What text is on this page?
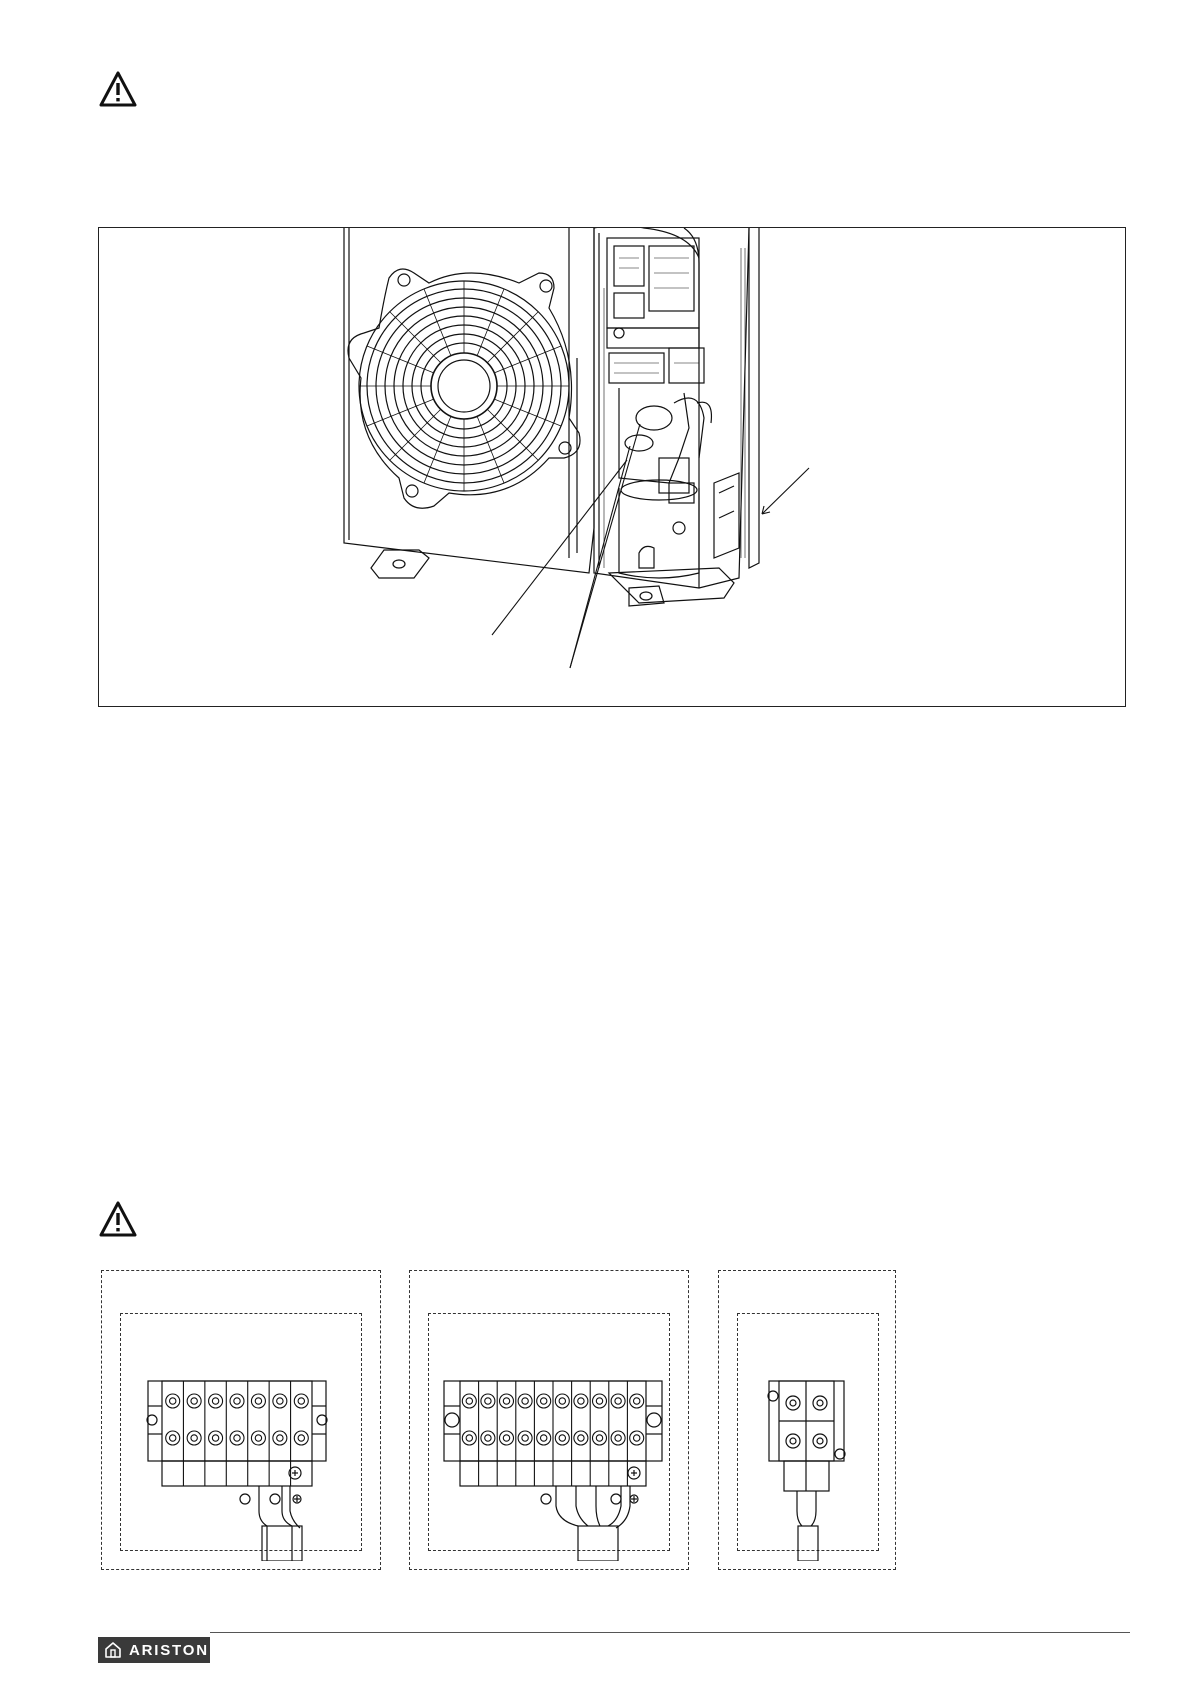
ARISTON
